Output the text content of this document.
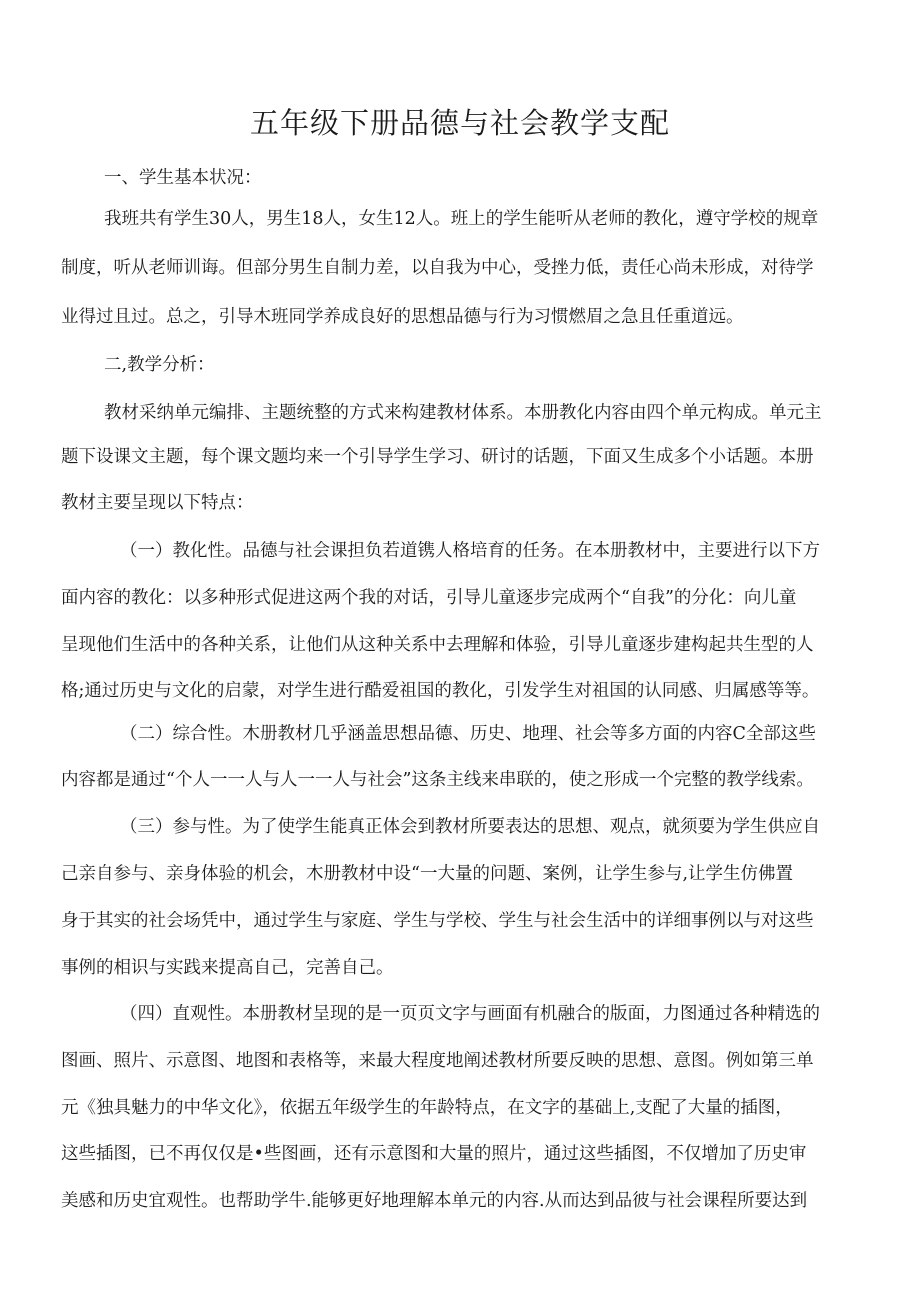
五年级下册品德与社会教学支配

一、学生基本状况：

我班共有学生30人，男生18人，女生12人。班上的学生能听从老师的教化，遵守学校的规章

制度，听从老师训诲。但部分男生自制力差，以自我为中心，受挫力低，责任心尚未形成，对待学

业得过且过。总之，引导木班同学养成良好的思想品德与行为习惯燃眉之急且任重道远。

二,教学分析：

教材采纳单元编排、主题统整的方式来构建教材体系。本册教化内容由四个单元构成。单元主

题下设课文主题，每个课文题均来一个引导学生学习、研讨的话题，下面又生成多个小话题。本册

教材主要呈现以下特点：

（一）教化性。品德与社会课担负若道镌人格培育的任务。在本册教材中，主要进行以下方

面内容的教化：以多种形式促进这两个我的对话，引导儿童逐步完成两个“自我”的分化：向儿童

呈现他们生活中的各种关系，让他们从这种关系中去理解和体验，引导儿童逐步建构起共生型的人

格;通过历史与文化的启蒙，对学生进行酷爱祖国的教化，引发学生对祖国的认同感、归属感等等。

（二）综合性。木册教材几乎涵盖思想品德、历史、地理、社会等多方面的内容C全部这些

内容都是通过“个人一一人与人一一人与社会”这条主线来串联的，使之形成一个完整的教学线索。

（三）参与性。为了使学生能真正体会到教材所要表达的思想、观点，就须要为学生供应自

己亲自参与、亲身体验的机会，木册教材中设“一大量的问题、案例，让学生参与,让学生仿佛置

身于其实的社会场凭中，通过学生与家庭、学生与学校、学生与社会生活中的详细事例以与对这些

事例的相识与实践来提高自己，完善自己。

（四）直观性。本册教材呈现的是一页页文字与画面有机融合的版面，力图通过各种精选的

图画、照片、示意图、地图和表格等，来最大程度地阐述教材所要反映的思想、意图。例如第三单

元《独具魅力的中华文化》，依据五年级学生的年龄特点，在文字的基础上,支配了大量的插图，

这些插图，已不再仅仅是•些图画，还有示意图和大量的照片，通过这些插图，不仅增加了历史审

美感和历史宜观性。也帮助学牛.能够更好地理解本单元的内容.从而达到品彼与社会课程所要达到
